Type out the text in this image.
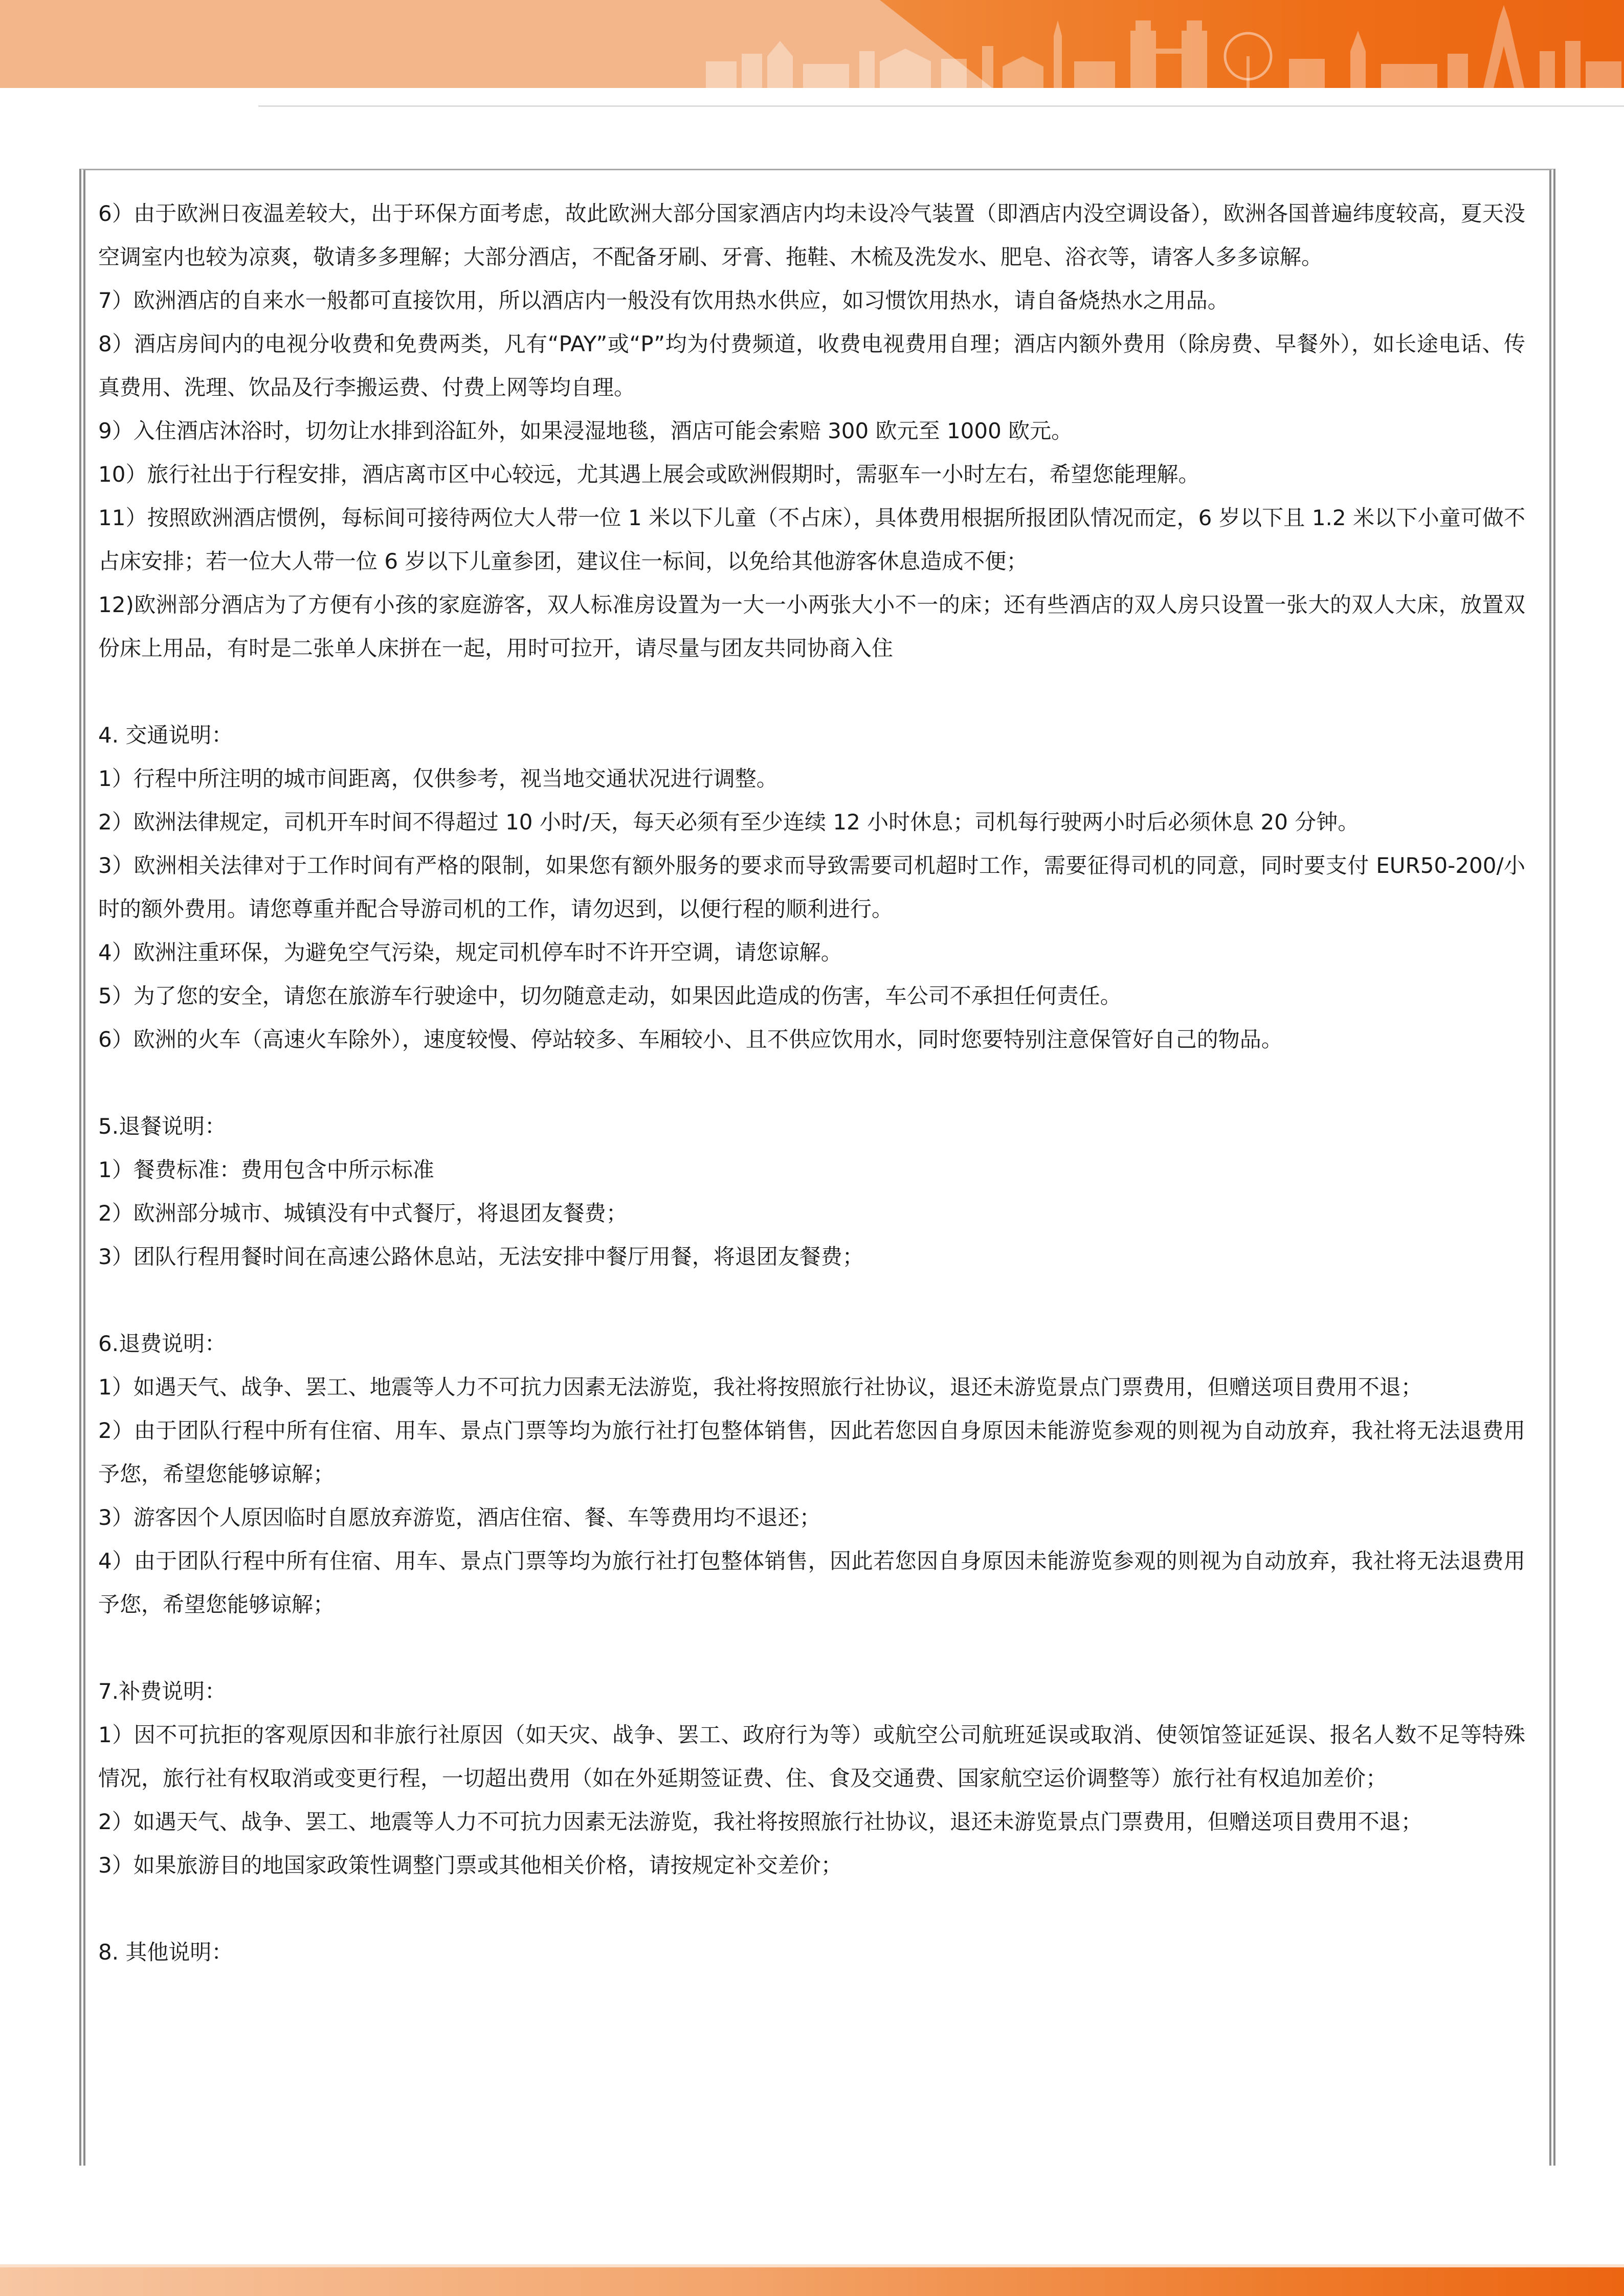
6）由于欧洲日夜温差较大，出于环保方面考虑，故此欧洲大部分国家酒店内均未设冷气装置（即酒店内没空调设备），欧洲各国普遍纬度较高，夏天没空调室内也较为凉爽，敬请多多理解；大部分酒店，不配备牙刷、牙膏、拖鞋、木梳及洗发水、肥皂、浴衣等，请客人多多谅解。

7）欧洲酒店的自来水一般都可直接饮用，所以酒店内一般没有饮用热水供应，如习惯饮用热水，请自备烧热水之用品。

8）酒店房间内的电视分收费和免费两类，凡有“PAY”或“P”均为付费频道，收费电视费用自理；酒店内额外费用（除房费、早餐外），如长途电话、传真费用、洗理、饮品及行李搬运费、付费上网等均自理。

9）入住酒店沐浴时，切勿让水排到浴缸外，如果浸湿地毯，酒店可能会索赔 300 欧元至 1000 欧元。

10）旅行社出于行程安排，酒店离市区中心较远，尤其遇上展会或欧洲假期时，需驱车一小时左右，希望您能理解。

11）按照欧洲酒店惯例，每标间可接待两位大人带一位 1 米以下儿童（不占床），具体费用根据所报团队情况而定，6 岁以下且 1.2 米以下小童可做不占床安排；若一位大人带一位 6 岁以下儿童参团，建议住一标间，以免给其他游客休息造成不便；

12)欧洲部分酒店为了方便有小孩的家庭游客，双人标准房设置为一大一小两张大小不一的床；还有些酒店的双人房只设置一张大的双人大床，放置双份床上用品，有时是二张单人床拼在一起，用时可拉开，请尽量与团友共同协商入住

4. 交通说明：

1）行程中所注明的城市间距离，仅供参考，视当地交通状况进行调整。

2）欧洲法律规定，司机开车时间不得超过 10 小时/天，每天必须有至少连续 12 小时休息；司机每行驶两小时后必须休息 20 分钟。

3）欧洲相关法律对于工作时间有严格的限制，如果您有额外服务的要求而导致需要司机超时工作，需要征得司机的同意，同时要支付 EUR50-200/小时的额外费用。请您尊重并配合导游司机的工作，请勿迟到，以便行程的顺利进行。

4）欧洲注重环保，为避免空气污染，规定司机停车时不许开空调，请您谅解。

5）为了您的安全，请您在旅游车行驶途中，切勿随意走动，如果因此造成的伤害，车公司不承担任何责任。

6）欧洲的火车（高速火车除外），速度较慢、停站较多、车厢较小、且不供应饮用水，同时您要特别注意保管好自己的物品。

5.退餐说明：

1）餐费标准：费用包含中所示标准

2）欧洲部分城市、城镇没有中式餐厅，将退团友餐费；

3）团队行程用餐时间在高速公路休息站，无法安排中餐厅用餐，将退团友餐费；

6.退费说明：

1）如遇天气、战争、罢工、地震等人力不可抗力因素无法游览，我社将按照旅行社协议，退还未游览景点门票费用，但赠送项目费用不退；

2）由于团队行程中所有住宿、用车、景点门票等均为旅行社打包整体销售，因此若您因自身原因未能游览参观的则视为自动放弃，我社将无法退费用予您，希望您能够谅解；

3）游客因个人原因临时自愿放弃游览，酒店住宿、餐、车等费用均不退还；

4）由于团队行程中所有住宿、用车、景点门票等均为旅行社打包整体销售，因此若您因自身原因未能游览参观的则视为自动放弃，我社将无法退费用予您，希望您能够谅解；

7.补费说明：

1）因不可抗拒的客观原因和非旅行社原因（如天灾、战争、罢工、政府行为等）或航空公司航班延误或取消、使领馆签证延误、报名人数不足等特殊情况，旅行社有权取消或变更行程，一切超出费用（如在外延期签证费、住、食及交通费、国家航空运价调整等）旅行社有权追加差价；

2）如遇天气、战争、罢工、地震等人力不可抗力因素无法游览，我社将按照旅行社协议，退还未游览景点门票费用，但赠送项目费用不退；

3）如果旅游目的地国家政策性调整门票或其他相关价格，请按规定补交差价；

8. 其他说明：
